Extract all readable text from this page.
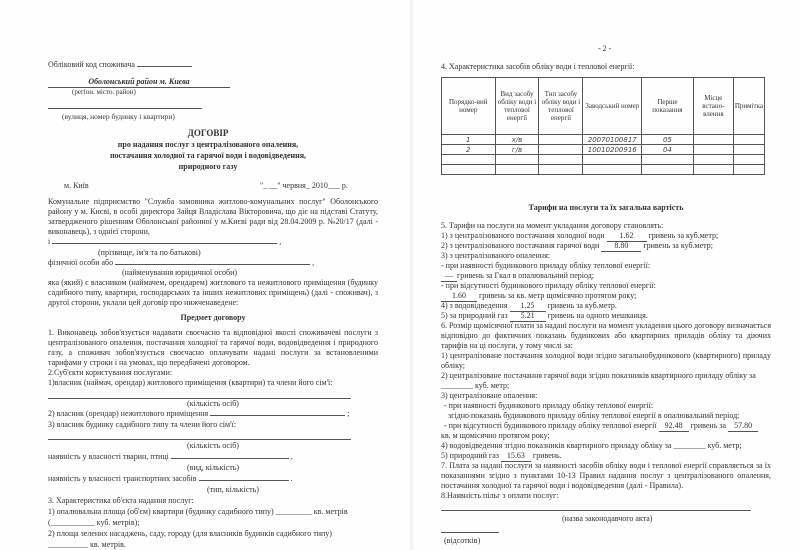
Обліковий код споживача
Оболонський район м. Києва
(регіон. місто. район)
(вулиця, номер будинку і квартири)
ДОГОВІР
про надання послуг з централізованого опалення,
постачання холодної та гарячої води і водовідведення,
природного газу
м. Київ	"_ __" червня_ 2010___ р.
Комунальне підприємство "Служба замовника житлово-комунальних послуг" Оболонського району у м. Києві, в особі директора Зайця Владіслава Вікторовича, що діє на підставі Статуту, затвердженого рішенням Оболонської районної у м.Києві ради від 28.04.2009 р. №20/17 (далі - виконавець), з однієї сторони,
і	,
(прізвище, ім'я та по батькові)
фізичної особи або	,
(найменування юридичної особи)
яка (який) є власником (наймачем, орендарем) житлового та нежитлового приміщення (будинку садибного типу, квартири, господарських та інших нежитлових приміщень) (далі - споживач), з другої сторони, уклали цей договір про нижченаведене:
Предмет договору
1. Виконавець зобов'язується надавати своєчасно та відповідної якості споживачеві послуги з централізованого опалення, постачання холодної та гарячої води, водовідведення і природного газу, а споживач зобов'язується своєчасно оплачувати надані послуги за встановленими тарифами у строки і на умовах, що передбачені договором.
2.Суб'єкти користування послугами:
1)власник (наймач, орендар) житлового приміщення (квартири) та члени його сім'ї:
(кількість осіб)
2) власник (орендар) нежитлового приміщення	;
3) власник будинку садибного типу та члени його сім'ї:
(кількість осіб)
наявність у власності тварин, птиці	,
(вид, кількість)
наявність у власності транспортних засобів	.
(тип, кількість)
3. Характеристика об'єкта надання послуг:
1) опалювальна площа (об'єм) квартири (будинку садибного типу) _________ кв. метрів
(___________ куб. метрів);
2) площа зелених насаджень, саду, городу (для власників будинків садибного типу)
__________ кв. метрів.
- 2 -
4. Характеристика засобів обліку води і теплової енергії:
Порядко-вий номер	Вид засобу обліку води і теплової енергії	Тип засобу обліку води і теплової енергії	Заводський номер	Перше показання	Місце встано-влення	Примітка
1	х/в		20070100817	05		
2	г/в		10010200916	04		

Тарифи на послуги та їх загальна вартість
5. Тарифи на послуги на момент укладання договору становлять:
1) з централізованого постачання холодної води 1.62 гривень за куб.метр;
2) з централізованого постачання гарячої води 8.80 гривень за куб.метр;
3) з централізованого опалення:
- при наявності будинкового приладу обліку теплової енергії:
— гривень за Гкал в опалювальний період;
- при відсутності будинкового приладу обліку теплової енергії:
1.60 гривень за кв. метр щомісячно протягом року;
4) з водовідведення 1.25 гривень за куб.метр.
5) за природний газ 5.21 гривень на одного мешканця.
6. Розмір щомісячної плати за надані послуги на момент укладення цього договору визначається відповідно до фактичних показань будинкових або квартирних приладів обліку та діючих тарифів на ці послуги, у тому числі за:
1) централізоване постачання холодної води згідно загальнобудинкового (квартирного) приладу обліку;
2) централізоване постачання гарячої води згідно показників квартирного приладу обліку за
________ куб. метр;
3) централізоване опалення:
- при наявності будинкового приладу обліку теплової енергії:
згідно показань будинкового приладу обліку теплової енергії в опалювальний період;
- при відсутності будинкового приладу обліку теплової енергії 92.48 гривень за 57.80
кв. м щомісячно протягом року;
4) водовідведення згідно показників квартирного приладу обліку за ________ куб. метр;
5) природний газ 15.63 гривень.
7. Плата за надані послуги за наявності засобів обліку води і теплової енергії справляється за їх показаннями згідно з пунктами 10-13 Правил надання послуг з централізованого опалення, постачання холодної та гарячої води і водовідведення (далі - Правила).
8.Наявність пільг з оплати послуг:
(назва законодавчого акта)
(відсотків)
